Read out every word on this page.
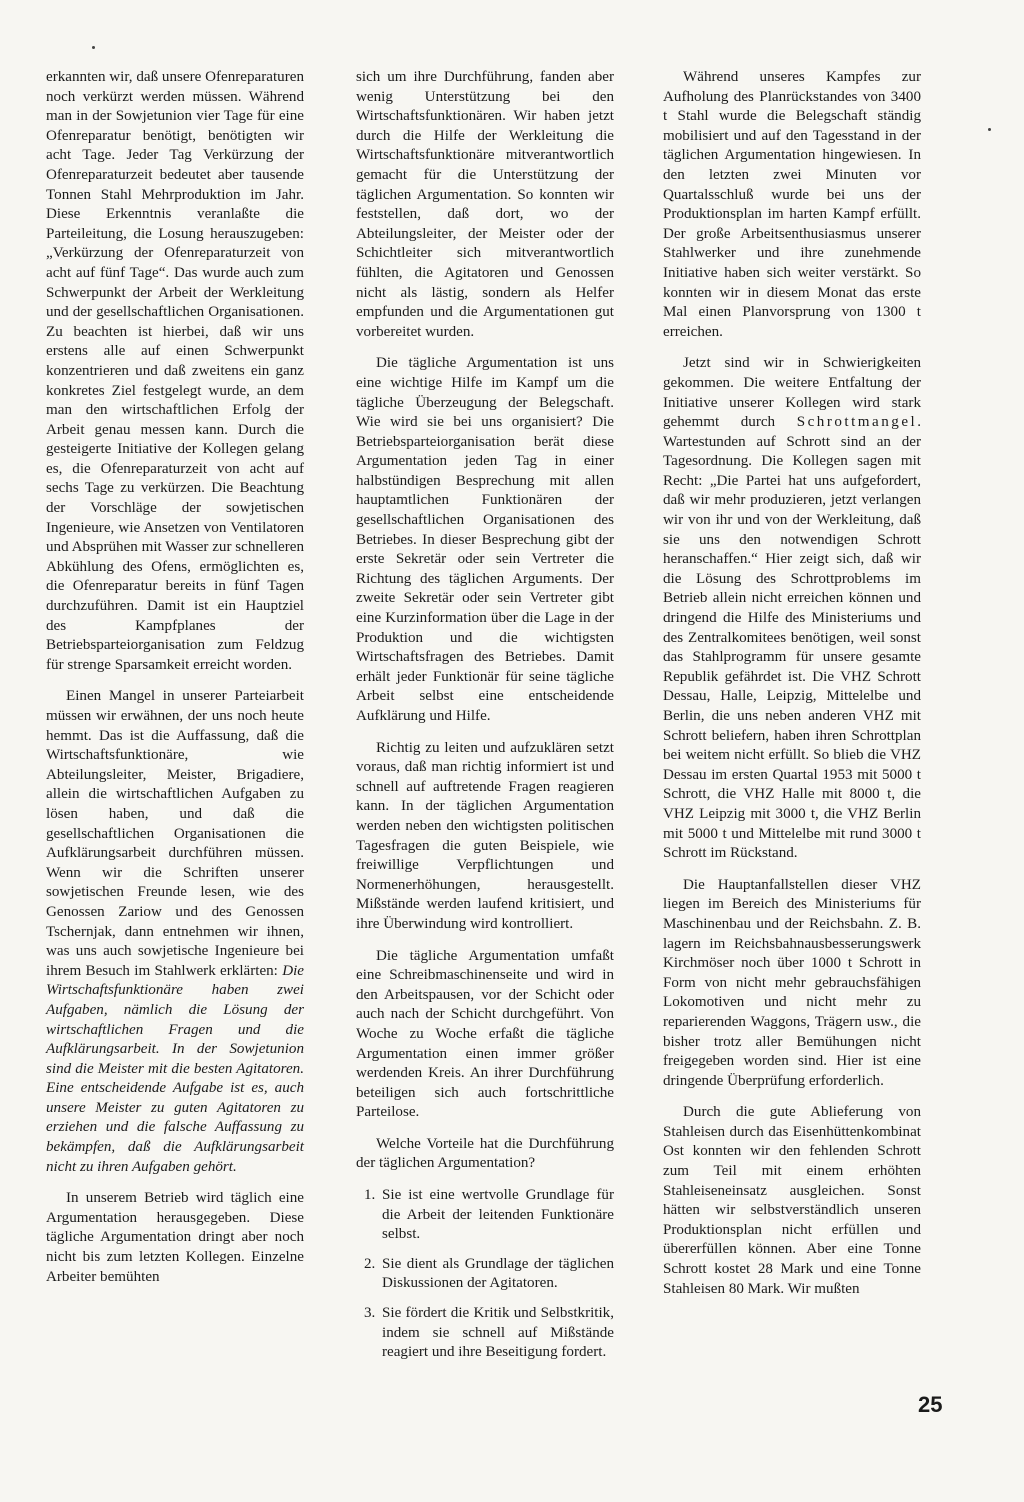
erkannten wir, daß unsere Ofenreparaturen noch verkürzt werden müssen. Während man in der Sowjetunion vier Tage für eine Ofenreparatur benötigt, benötigten wir acht Tage. Jeder Tag Verkürzung der Ofenreparaturzeit bedeutet aber tausende Tonnen Stahl Mehrproduktion im Jahr. Diese Erkenntnis veranlaßte die Parteileitung, die Losung herauszugeben: „Verkürzung der Ofenreparaturzeit von acht auf fünf Tage“. Das wurde auch zum Schwerpunkt der Arbeit der Werkleitung und der gesellschaftlichen Organisationen. Zu beachten ist hierbei, daß wir uns erstens alle auf einen Schwerpunkt konzentrieren und daß zweitens ein ganz konkretes Ziel festgelegt wurde, an dem man den wirtschaftlichen Erfolg der Arbeit genau messen kann. Durch die gesteigerte Initiative der Kollegen gelang es, die Ofenreparaturzeit von acht auf sechs Tage zu verkürzen. Die Beachtung der Vorschläge der sowjetischen Ingenieure, wie Ansetzen von Ventilatoren und Absprühen mit Wasser zur schnelleren Abkühlung des Ofens, ermöglichten es, die Ofenreparatur bereits in fünf Tagen durchzuführen. Damit ist ein Hauptziel des Kampfplanes der Betriebsparteiorganisation zum Feldzug für strenge Sparsamkeit erreicht worden.

Einen Mangel in unserer Parteiarbeit müssen wir erwähnen, der uns noch heute hemmt. Das ist die Auffassung, daß die Wirtschaftsfunktionäre, wie Abteilungsleiter, Meister, Brigadiere, allein die wirtschaftlichen Aufgaben zu lösen haben, und daß die gesellschaftlichen Organisationen die Aufklärungsarbeit durchführen müssen. Wenn wir die Schriften unserer sowjetischen Freunde lesen, wie des Genossen Zariow und des Genossen Tschernjak, dann entnehmen wir ihnen, was uns auch sowjetische Ingenieure bei ihrem Besuch im Stahlwerk erklärten: Die Wirtschaftsfunktionäre haben zwei Aufgaben, nämlich die Lösung der wirtschaftlichen Fragen und die Aufklärungsarbeit. In der Sowjetunion sind die Meister mit die besten Agitatoren. Eine entscheidende Aufgabe ist es, auch unsere Meister zu guten Agitatoren zu erziehen und die falsche Auffassung zu bekämpfen, daß die Aufklärungsarbeit nicht zu ihren Aufgaben gehört.

In unserem Betrieb wird täglich eine Argumentation herausgegeben. Diese tägliche Argumentation dringt aber noch nicht bis zum letzten Kollegen. Einzelne Arbeiter bemühten

sich um ihre Durchführung, fanden aber wenig Unterstützung bei den Wirtschaftsfunktionären. Wir haben jetzt durch die Hilfe der Werkleitung die Wirtschaftsfunktionäre mitverantwortlich gemacht für die Unterstützung der täglichen Argumentation. So konnten wir feststellen, daß dort, wo der Abteilungsleiter, der Meister oder der Schichtleiter sich mitverantwortlich fühlten, die Agitatoren und Genossen nicht als lästig, sondern als Helfer empfunden und die Argumentationen gut vorbereitet wurden.

Die tägliche Argumentation ist uns eine wichtige Hilfe im Kampf um die tägliche Überzeugung der Belegschaft. Wie wird sie bei uns organisiert? Die Betriebsparteiorganisation berät diese Argumentation jeden Tag in einer halbstündigen Besprechung mit allen hauptamtlichen Funktionären der gesellschaftlichen Organisationen des Betriebes. In dieser Besprechung gibt der erste Sekretär oder sein Vertreter die Richtung des täglichen Arguments. Der zweite Sekretär oder sein Vertreter gibt eine Kurzinformation über die Lage in der Produktion und die wichtigsten Wirtschaftsfragen des Betriebes. Damit erhält jeder Funktionär für seine tägliche Arbeit selbst eine entscheidende Aufklärung und Hilfe.

Richtig zu leiten und aufzuklären setzt voraus, daß man richtig informiert ist und schnell auf auftretende Fragen reagieren kann. In der täglichen Argumentation werden neben den wichtigsten politischen Tagesfragen die guten Beispiele, wie freiwillige Verpflichtungen und Normenerhöhungen, herausgestellt. Mißstände werden laufend kritisiert, und ihre Überwindung wird kontrolliert.

Die tägliche Argumentation umfaßt eine Schreibmaschinenseite und wird in den Arbeitspausen, vor der Schicht oder auch nach der Schicht durchgeführt. Von Woche zu Woche erfaßt die tägliche Argumentation einen immer größer werdenden Kreis. An ihrer Durchführung beteiligen sich auch fortschrittliche Parteilose.

Welche Vorteile hat die Durchführung der täglichen Argumentation?

1. Sie ist eine wertvolle Grundlage für die Arbeit der leitenden Funktionäre selbst.
2. Sie dient als Grundlage der täglichen Diskussionen der Agitatoren.
3. Sie fördert die Kritik und Selbstkritik, indem sie schnell auf Mißstände reagiert und ihre Beseitigung fordert.

Während unseres Kampfes zur Aufholung des Planrückstandes von 3400 t Stahl wurde die Belegschaft ständig mobilisiert und auf den Tagesstand in der täglichen Argumentation hingewiesen. In den letzten zwei Minuten vor Quartalsschluß wurde bei uns der Produktionsplan im harten Kampf erfüllt. Der große Arbeitsenthusiasmus unserer Stahlwerker und ihre zunehmende Initiative haben sich weiter verstärkt. So konnten wir in diesem Monat das erste Mal einen Planvorsprung von 1300 t erreichen.

Jetzt sind wir in Schwierigkeiten gekommen. Die weitere Entfaltung der Initiative unserer Kollegen wird stark gehemmt durch Schrottmangel. Wartestunden auf Schrott sind an der Tagesordnung. Die Kollegen sagen mit Recht: „Die Partei hat uns aufgefordert, daß wir mehr produzieren, jetzt verlangen wir von ihr und von der Werkleitung, daß sie uns den notwendigen Schrott heranschaffen.“ Hier zeigt sich, daß wir die Lösung des Schrottproblems im Betrieb allein nicht erreichen können und dringend die Hilfe des Ministeriums und des Zentralkomitees benötigen, weil sonst das Stahlprogramm für unsere gesamte Republik gefährdet ist. Die VHZ Schrott Dessau, Halle, Leipzig, Mittelelbe und Berlin, die uns neben anderen VHZ mit Schrott beliefern, haben ihren Schrottplan bei weitem nicht erfüllt. So blieb die VHZ Dessau im ersten Quartal 1953 mit 5000 t Schrott, die VHZ Halle mit 8000 t, die VHZ Leipzig mit 3000 t, die VHZ Berlin mit 5000 t und Mittelelbe mit rund 3000 t Schrott im Rückstand.

Die Hauptanfallstellen dieser VHZ liegen im Bereich des Ministeriums für Maschinenbau und der Reichsbahn. Z. B. lagern im Reichsbahnausbesserungswerk Kirchmöser noch über 1000 t Schrott in Form von nicht mehr gebrauchsfähigen Lokomotiven und nicht mehr zu reparierenden Waggons, Trägern usw., die bisher trotz aller Bemühungen nicht freigegeben worden sind. Hier ist eine dringende Überprüfung erforderlich.

Durch die gute Ablieferung von Stahleisen durch das Eisenhüttenkombinat Ost konnten wir den fehlenden Schrott zum Teil mit einem erhöhten Stahleiseneinsatz ausgleichen. Sonst hätten wir selbstverständlich unseren Produktionsplan nicht erfüllen und übererfüllen können. Aber eine Tonne Schrott kostet 28 Mark und eine Tonne Stahleisen 80 Mark. Wir mußten

25
